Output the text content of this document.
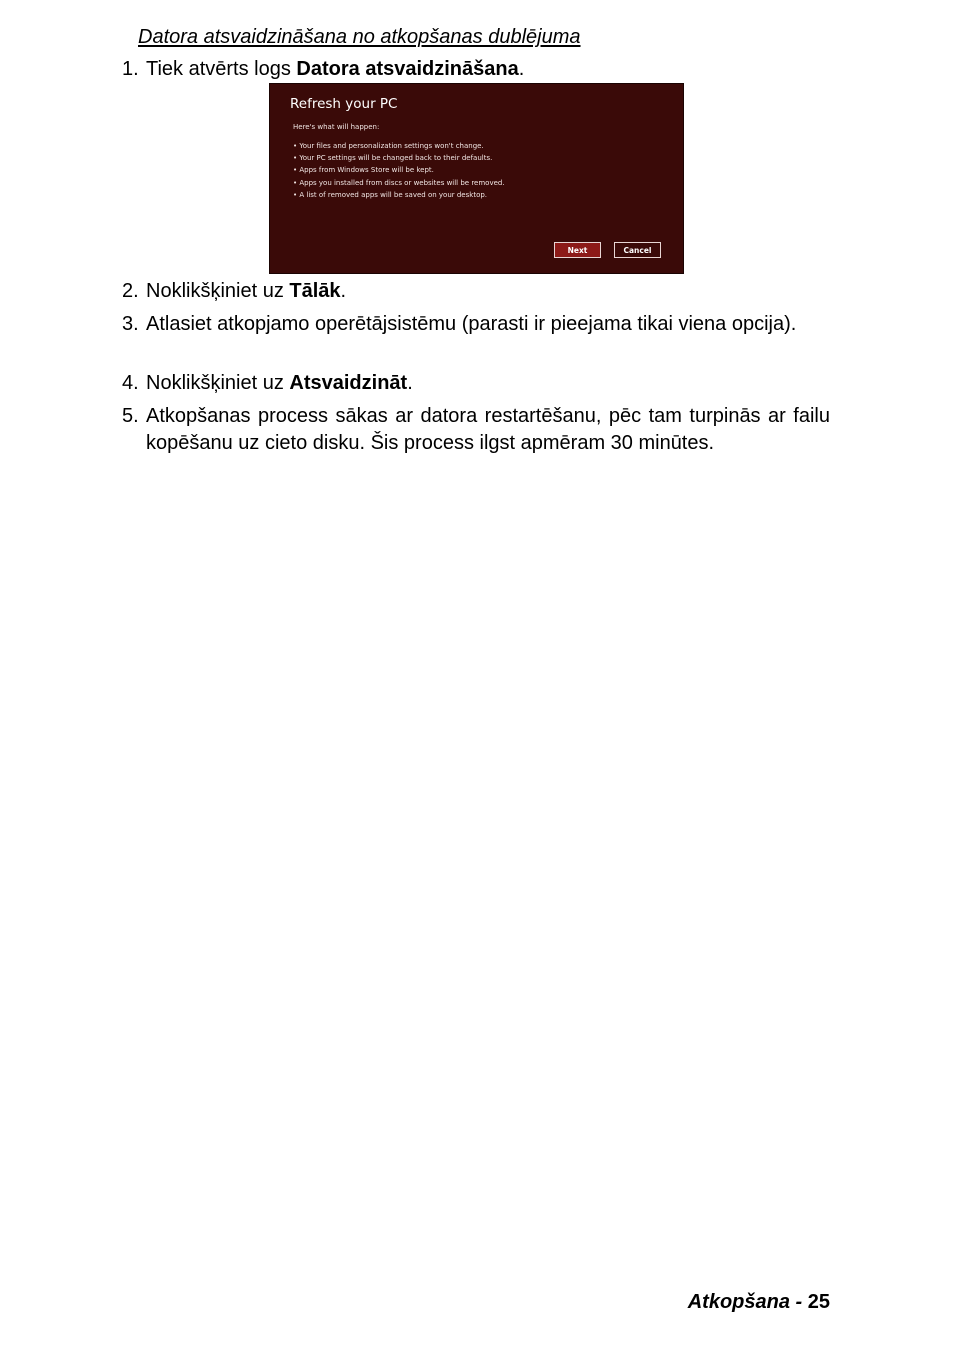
Datora atsvaidzināšana no atkopšanas dublējuma
1. Tiek atvērts logs Datora atsvaidzināšana.
Refresh your PC
Here's what will happen:
• Your files and personalization settings won't change.
• Your PC settings will be changed back to their defaults.
• Apps from Windows Store will be kept.
• Apps you installed from discs or websites will be removed.
• A list of removed apps will be saved on your desktop.
Next	Cancel
2. Noklikšķiniet uz Tālāk.
3. Atlasiet atkopjamo operētājsistēmu (parasti ir pieejama tikai viena opcija).
4. Noklikšķiniet uz Atsvaidzināt.
5. Atkopšanas process sākas ar datora restartēšanu, pēc tam turpinās ar failu kopēšanu uz cieto disku. Šis process ilgst apmēram 30 minūtes.
Atkopšana - 25
